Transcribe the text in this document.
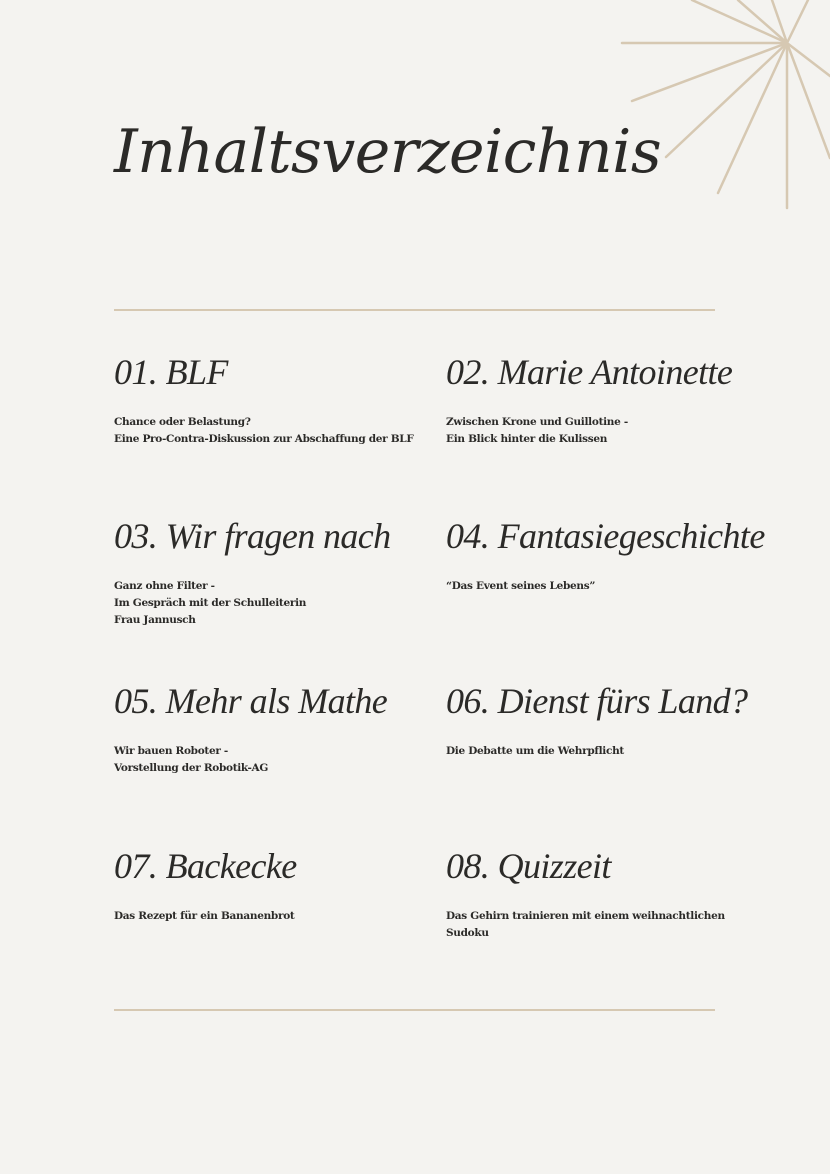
Inhaltsverzeichnis
01. BLF
Chance oder Belastung?
Eine Pro-Contra-Diskussion zur Abschaffung der BLF
02. Marie Antoinette
Zwischen Krone und Guillotine -
Ein Blick hinter die Kulissen
03. Wir fragen nach
Ganz ohne Filter -
Im Gespräch mit der Schulleiterin
Frau Jannusch
04. Fantasiegeschichte
“Das Event seines Lebens”
05. Mehr als Mathe
Wir bauen Roboter -
Vorstellung der Robotik-AG
06. Dienst fürs Land?
Die Debatte um die Wehrpflicht
07. Backecke
Das Rezept für ein Bananenbrot
08. Quizzeit
Das Gehirn trainieren mit einem weihnachtlichen
Sudoku
